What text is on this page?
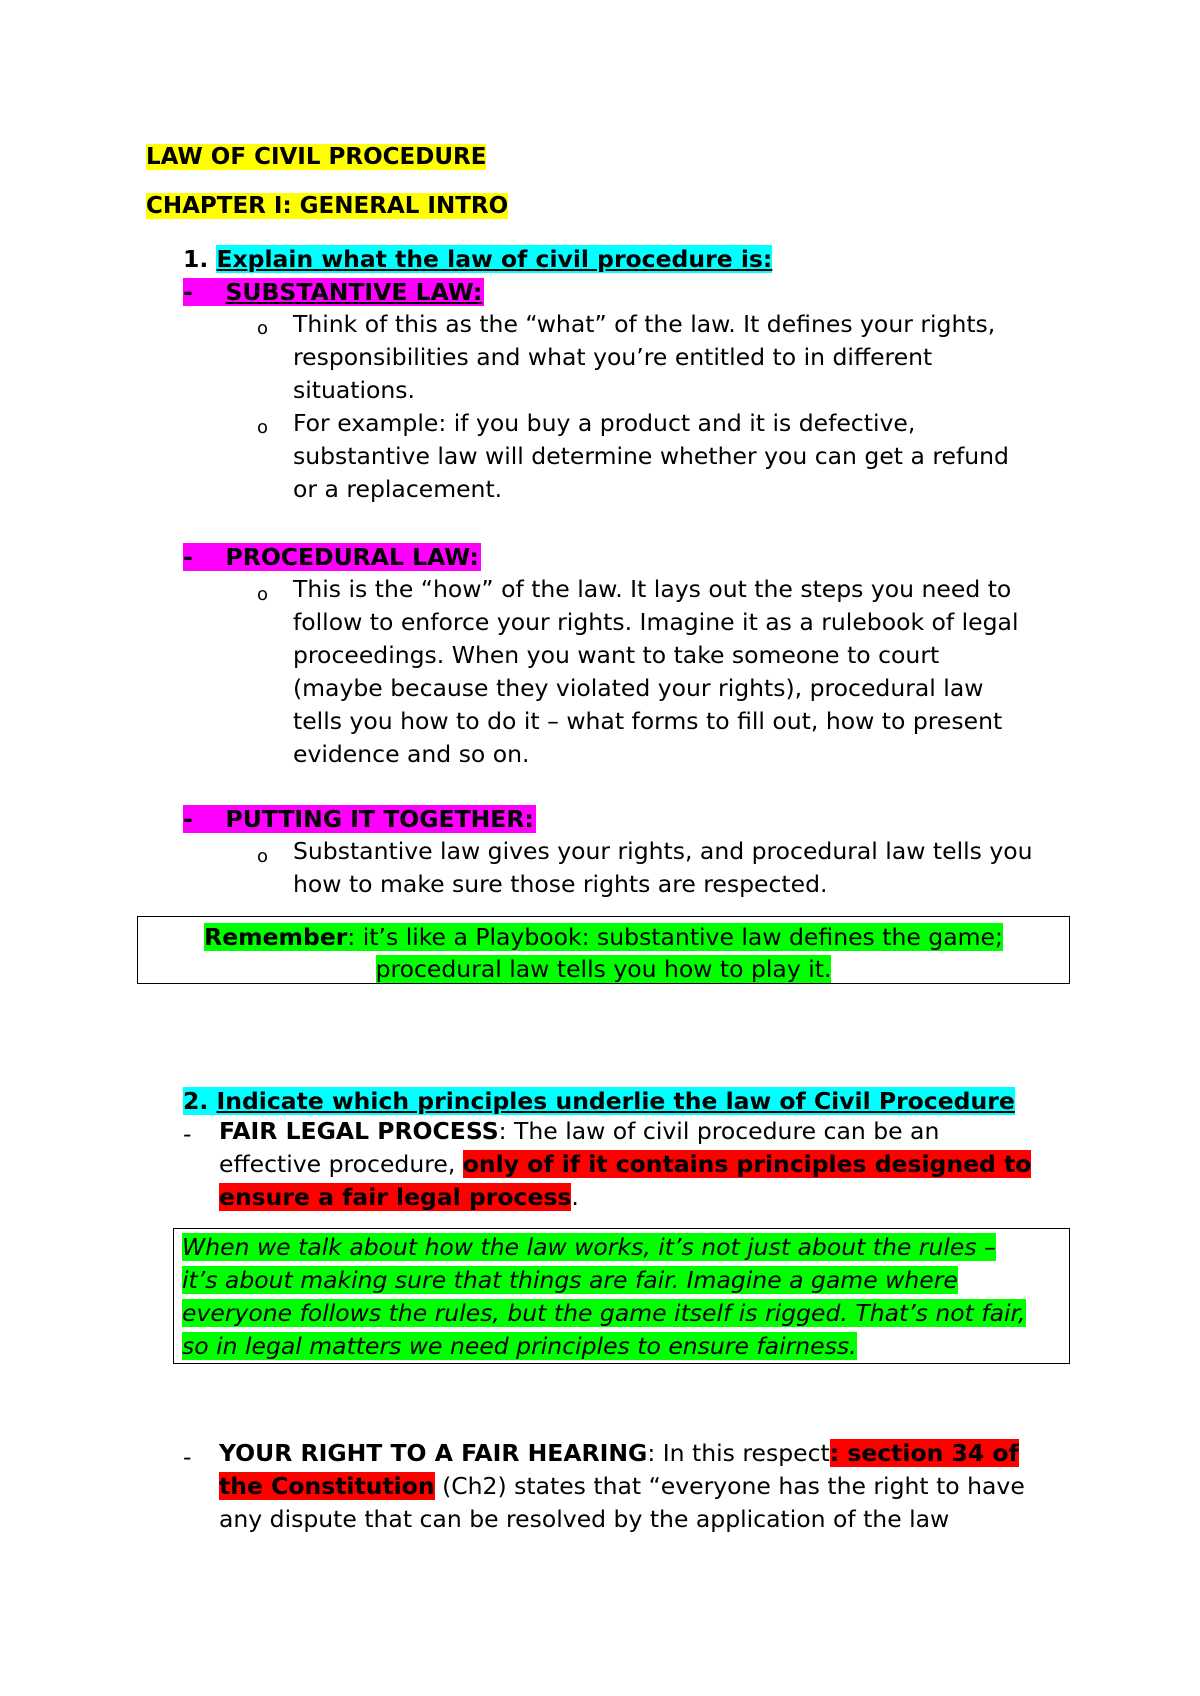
LAW OF CIVIL PROCEDURE
CHAPTER I: GENERAL INTRO
1. Explain what the law of civil procedure is:
- SUBSTANTIVE LAW:
o Think of this as the “what” of the law. It defines your rights,
responsibilities and what you’re entitled to in different
situations.
o For example: if you buy a product and it is defective,
substantive law will determine whether you can get a refund
or a replacement.
- PROCEDURAL LAW:
o This is the “how” of the law. It lays out the steps you need to
follow to enforce your rights. Imagine it as a rulebook of legal
proceedings. When you want to take someone to court
(maybe because they violated your rights), procedural law
tells you how to do it – what forms to fill out, how to present
evidence and so on.
- PUTTING IT TOGETHER:
o Substantive law gives your rights, and procedural law tells you
how to make sure those rights are respected.
Remember: it’s like a Playbook: substantive law defines the game;
procedural law tells you how to play it.
2. Indicate which principles underlie the law of Civil Procedure
- FAIR LEGAL PROCESS: The law of civil procedure can be an
effective procedure, only of if it contains principles designed to
ensure a fair legal process.
When we talk about how the law works, it’s not just about the rules –
it’s about making sure that things are fair. Imagine a game where
everyone follows the rules, but the game itself is rigged. That’s not fair,
so in legal matters we need principles to ensure fairness.
- YOUR RIGHT TO A FAIR HEARING: In this respect: section 34 of
the Constitution (Ch2) states that “everyone has the right to have
any dispute that can be resolved by the application of the law
